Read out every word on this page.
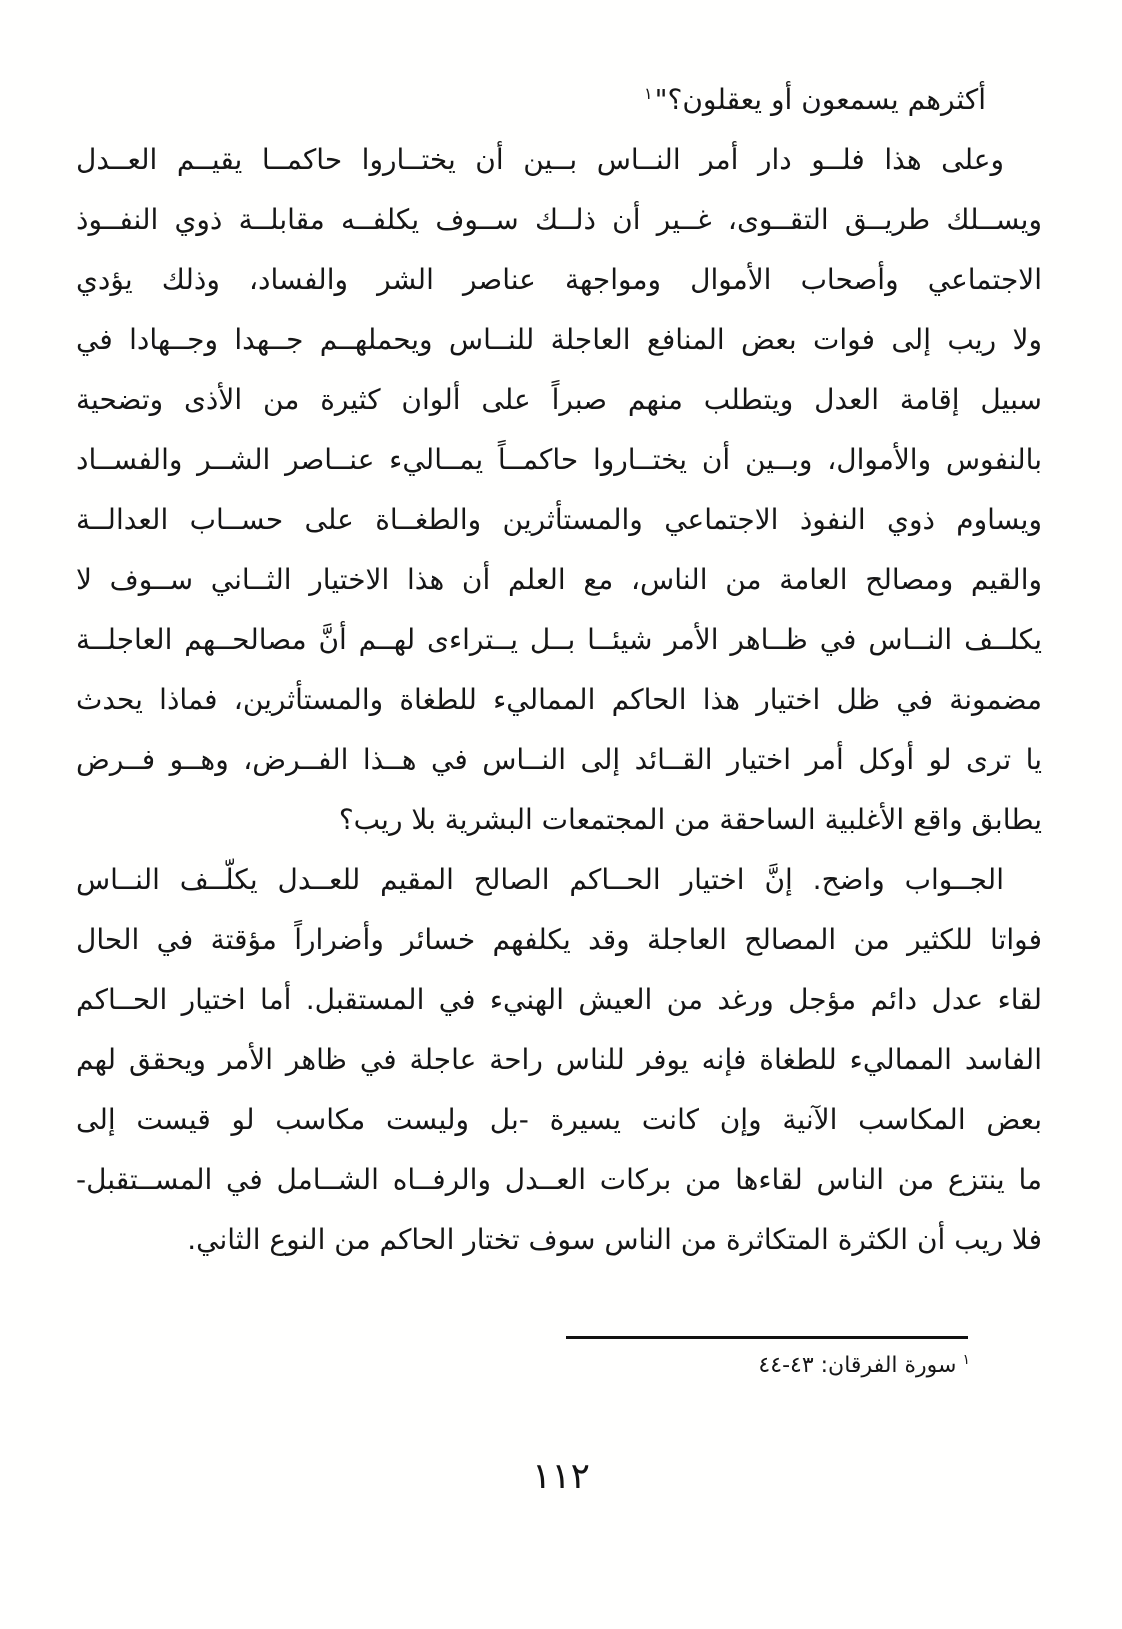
أكثرهم يسمعون أو يعقلون؟"$^١$
وعلى هذا فلــو دار أمر النــاس بــين أن يختــاروا حاكمــا يقيــم العــدل
ويســلك طريــق التقــوى، غــير أن ذلــك ســوف يكلفــه مقابلــة ذوي النفــوذ
الاجتماعي وأصحاب الأموال ومواجهة عناصر الشر والفساد، وذلك يؤدي
ولا ريب إلى فوات بعض المنافع العاجلة للنــاس ويحملهــم جــهدا وجــهادا في
سبيل إقامة العدل ويتطلب منهم صبراً على ألوان كثيرة من الأذى وتضحية
بالنفوس والأموال، وبــين أن يختــاروا حاكمــاً يمــاليء عنــاصر الشــر والفســاد
ويساوم ذوي النفوذ الاجتماعي والمستأثرين والطغــاة على حســاب العدالــة
والقيم ومصالح العامة من الناس، مع العلم أن هذا الاختيار الثــاني ســوف لا
يكلــف النــاس في ظــاهر الأمر شيئــا بــل يــتراءى لهــم أنَّ مصالحــهم العاجلــة
مضمونة في ظل اختيار هذا الحاكم المماليء للطغاة والمستأثرين، فماذا يحدث
يا ترى لو أوكل أمر اختيار القــائد إلى النــاس في هــذا الفــرض، وهــو فــرض
يطابق واقع الأغلبية الساحقة من المجتمعات البشرية بلا ريب؟
الجــواب واضح. إنَّ اختيار الحــاكم الصالح المقيم للعــدل يكلّــف النــاس
فواتا للكثير من المصالح العاجلة وقد يكلفهم خسائر وأضراراً مؤقتة في الحال
لقاء عدل دائم مؤجل ورغد من العيش الهنيء في المستقبل. أما اختيار الحــاكم
الفاسد المماليء للطغاة فإنه يوفر للناس راحة عاجلة في ظاهر الأمر ويحقق لهم
بعض المكاسب الآنية وإن كانت يسيرة -بل وليست مكاسب لو قيست إلى
ما ينتزع من الناس لقاءها من بركات العــدل والرفــاه الشــامل في المســتقبل-
فلا ريب أن الكثرة المتكاثرة من الناس سوف تختار الحاكم من النوع الثاني.
$^١$سورة الفرقان: ٤٣-٤٤
١١٢
